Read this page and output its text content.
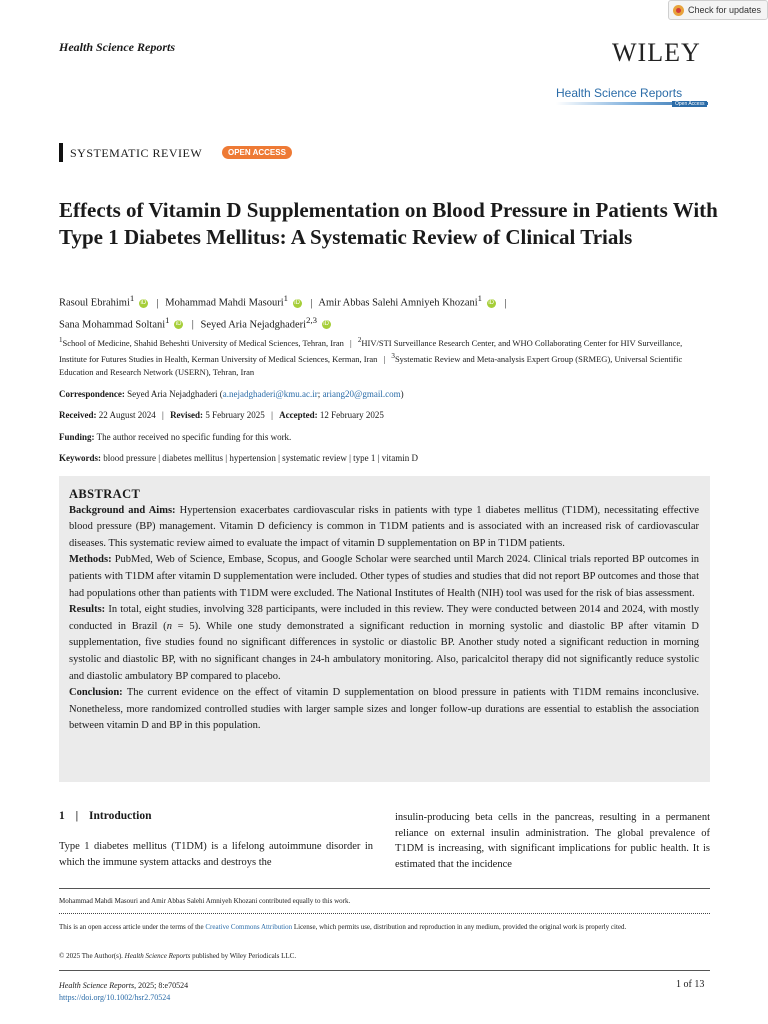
Check for updates
Health Science Reports	WILEY
Health Science Reports
Open Access
SYSTEMATIC REVIEW	OPEN ACCESS
Effects of Vitamin D Supplementation on Blood Pressure in Patients With Type 1 Diabetes Mellitus: A Systematic Review of Clinical Trials
Rasoul Ebrahimi$^1$ iD | Mohammad Mahdi Masouri$^1$ iD | Amir Abbas Salehi Amniyeh Khozani$^1$ iD |
Sana Mohammad Soltani$^1$ iD | Seyed Aria Nejadghaderi$^{2,3}$ iD
$^1$School of Medicine, Shahid Beheshti University of Medical Sciences, Tehran, Iran | $^2$HIV/STI Surveillance Research Center, and WHO Collaborating Center for HIV Surveillance, Institute for Futures Studies in Health, Kerman University of Medical Sciences, Kerman, Iran | $^3$Systematic Review and Meta-analysis Expert Group (SRMEG), Universal Scientific Education and Research Network (USERN), Tehran, Iran
Correspondence: Seyed Aria Nejadghaderi (a.nejadghaderi@kmu.ac.ir; ariang20@gmail.com)
Received: 22 August 2024 | Revised: 5 February 2025 | Accepted: 12 February 2025
Funding: The author received no specific funding for this work.
Keywords: blood pressure | diabetes mellitus | hypertension | systematic review | type 1 | vitamin D
ABSTRACT
Background and Aims: Hypertension exacerbates cardiovascular risks in patients with type 1 diabetes mellitus (T1DM), necessitating effective blood pressure (BP) management. Vitamin D deficiency is common in T1DM patients and is associated with an increased risk of cardiovascular diseases. This systematic review aimed to evaluate the impact of vitamin D supplementation on BP in T1DM patients.
Methods: PubMed, Web of Science, Embase, Scopus, and Google Scholar were searched until March 2024. Clinical trials reported BP outcomes in patients with T1DM after vitamin D supplementation were included. Other types of studies and studies that did not report BP outcomes and those that had populations other than patients with T1DM were excluded. The National Institutes of Health (NIH) tool was used for the risk of bias assessment.
Results: In total, eight studies, involving 328 participants, were included in this review. They were conducted between 2014 and 2024, with mostly conducted in Brazil (n = 5). While one study demonstrated a significant reduction in morning systolic and diastolic BP after vitamin D supplementation, five studies found no significant differences in systolic or diastolic BP. Another study noted a significant reduction in morning systolic and diastolic BP, with no significant changes in 24-h ambulatory monitoring. Also, paricalcitol therapy did not significantly reduce systolic and diastolic ambulatory BP compared to placebo.
Conclusion: The current evidence on the effect of vitamin D supplementation on blood pressure in patients with T1DM remains inconclusive. Nonetheless, more randomized controlled studies with larger sample sizes and longer follow-up durations are essential to establish the association between vitamin D and BP in this population.
1 | Introduction
Type 1 diabetes mellitus (T1DM) is a lifelong autoimmune disorder in which the immune system attacks and destroys the
insulin-producing beta cells in the pancreas, resulting in a permanent reliance on external insulin administration. The global prevalence of T1DM is increasing, with significant implications for public health. It is estimated that the incidence
Mohammad Mahdi Masouri and Amir Abbas Salehi Amniyeh Khozani contributed equally to this work.
This is an open access article under the terms of the Creative Commons Attribution License, which permits use, distribution and reproduction in any medium, provided the original work is properly cited.
© 2025 The Author(s). Health Science Reports published by Wiley Periodicals LLC.
Health Science Reports, 2025; 8:e70524
https://doi.org/10.1002/hsr2.70524
1 of 13
